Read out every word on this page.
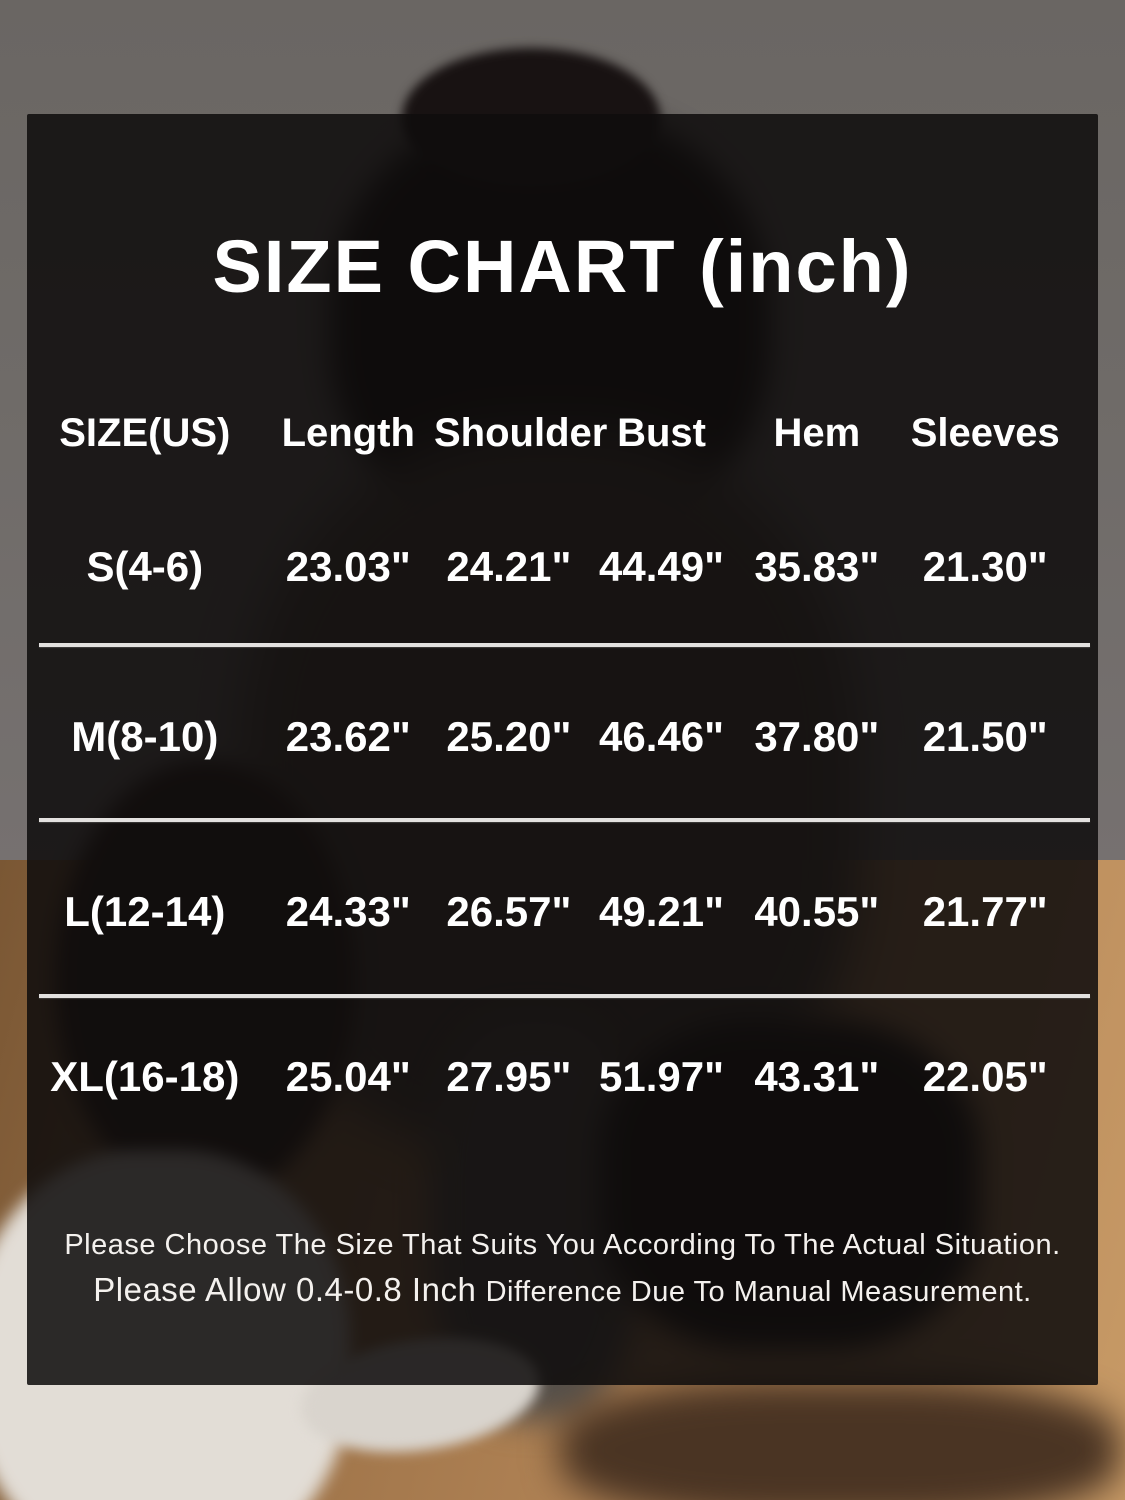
SIZE CHART (inch)
SIZE(US)	Length Shoulder Bust	Hem	Sleeves
S(4-6)	23.03" 24.21" 44.49" 35.83"	21.30"
M(8-10)	23.62" 25.20" 46.46" 37.80"	21.50"
L(12-14)	24.33" 26.57" 49.21" 40.55"	21.77"
XL(16-18)	25.04" 27.95" 51.97" 43.31"	22.05"
Please Choose The Size That Suits You According To The Actual Situation.
Please Allow 0.4-0.8 Inch Difference Due To Manual Measurement.
